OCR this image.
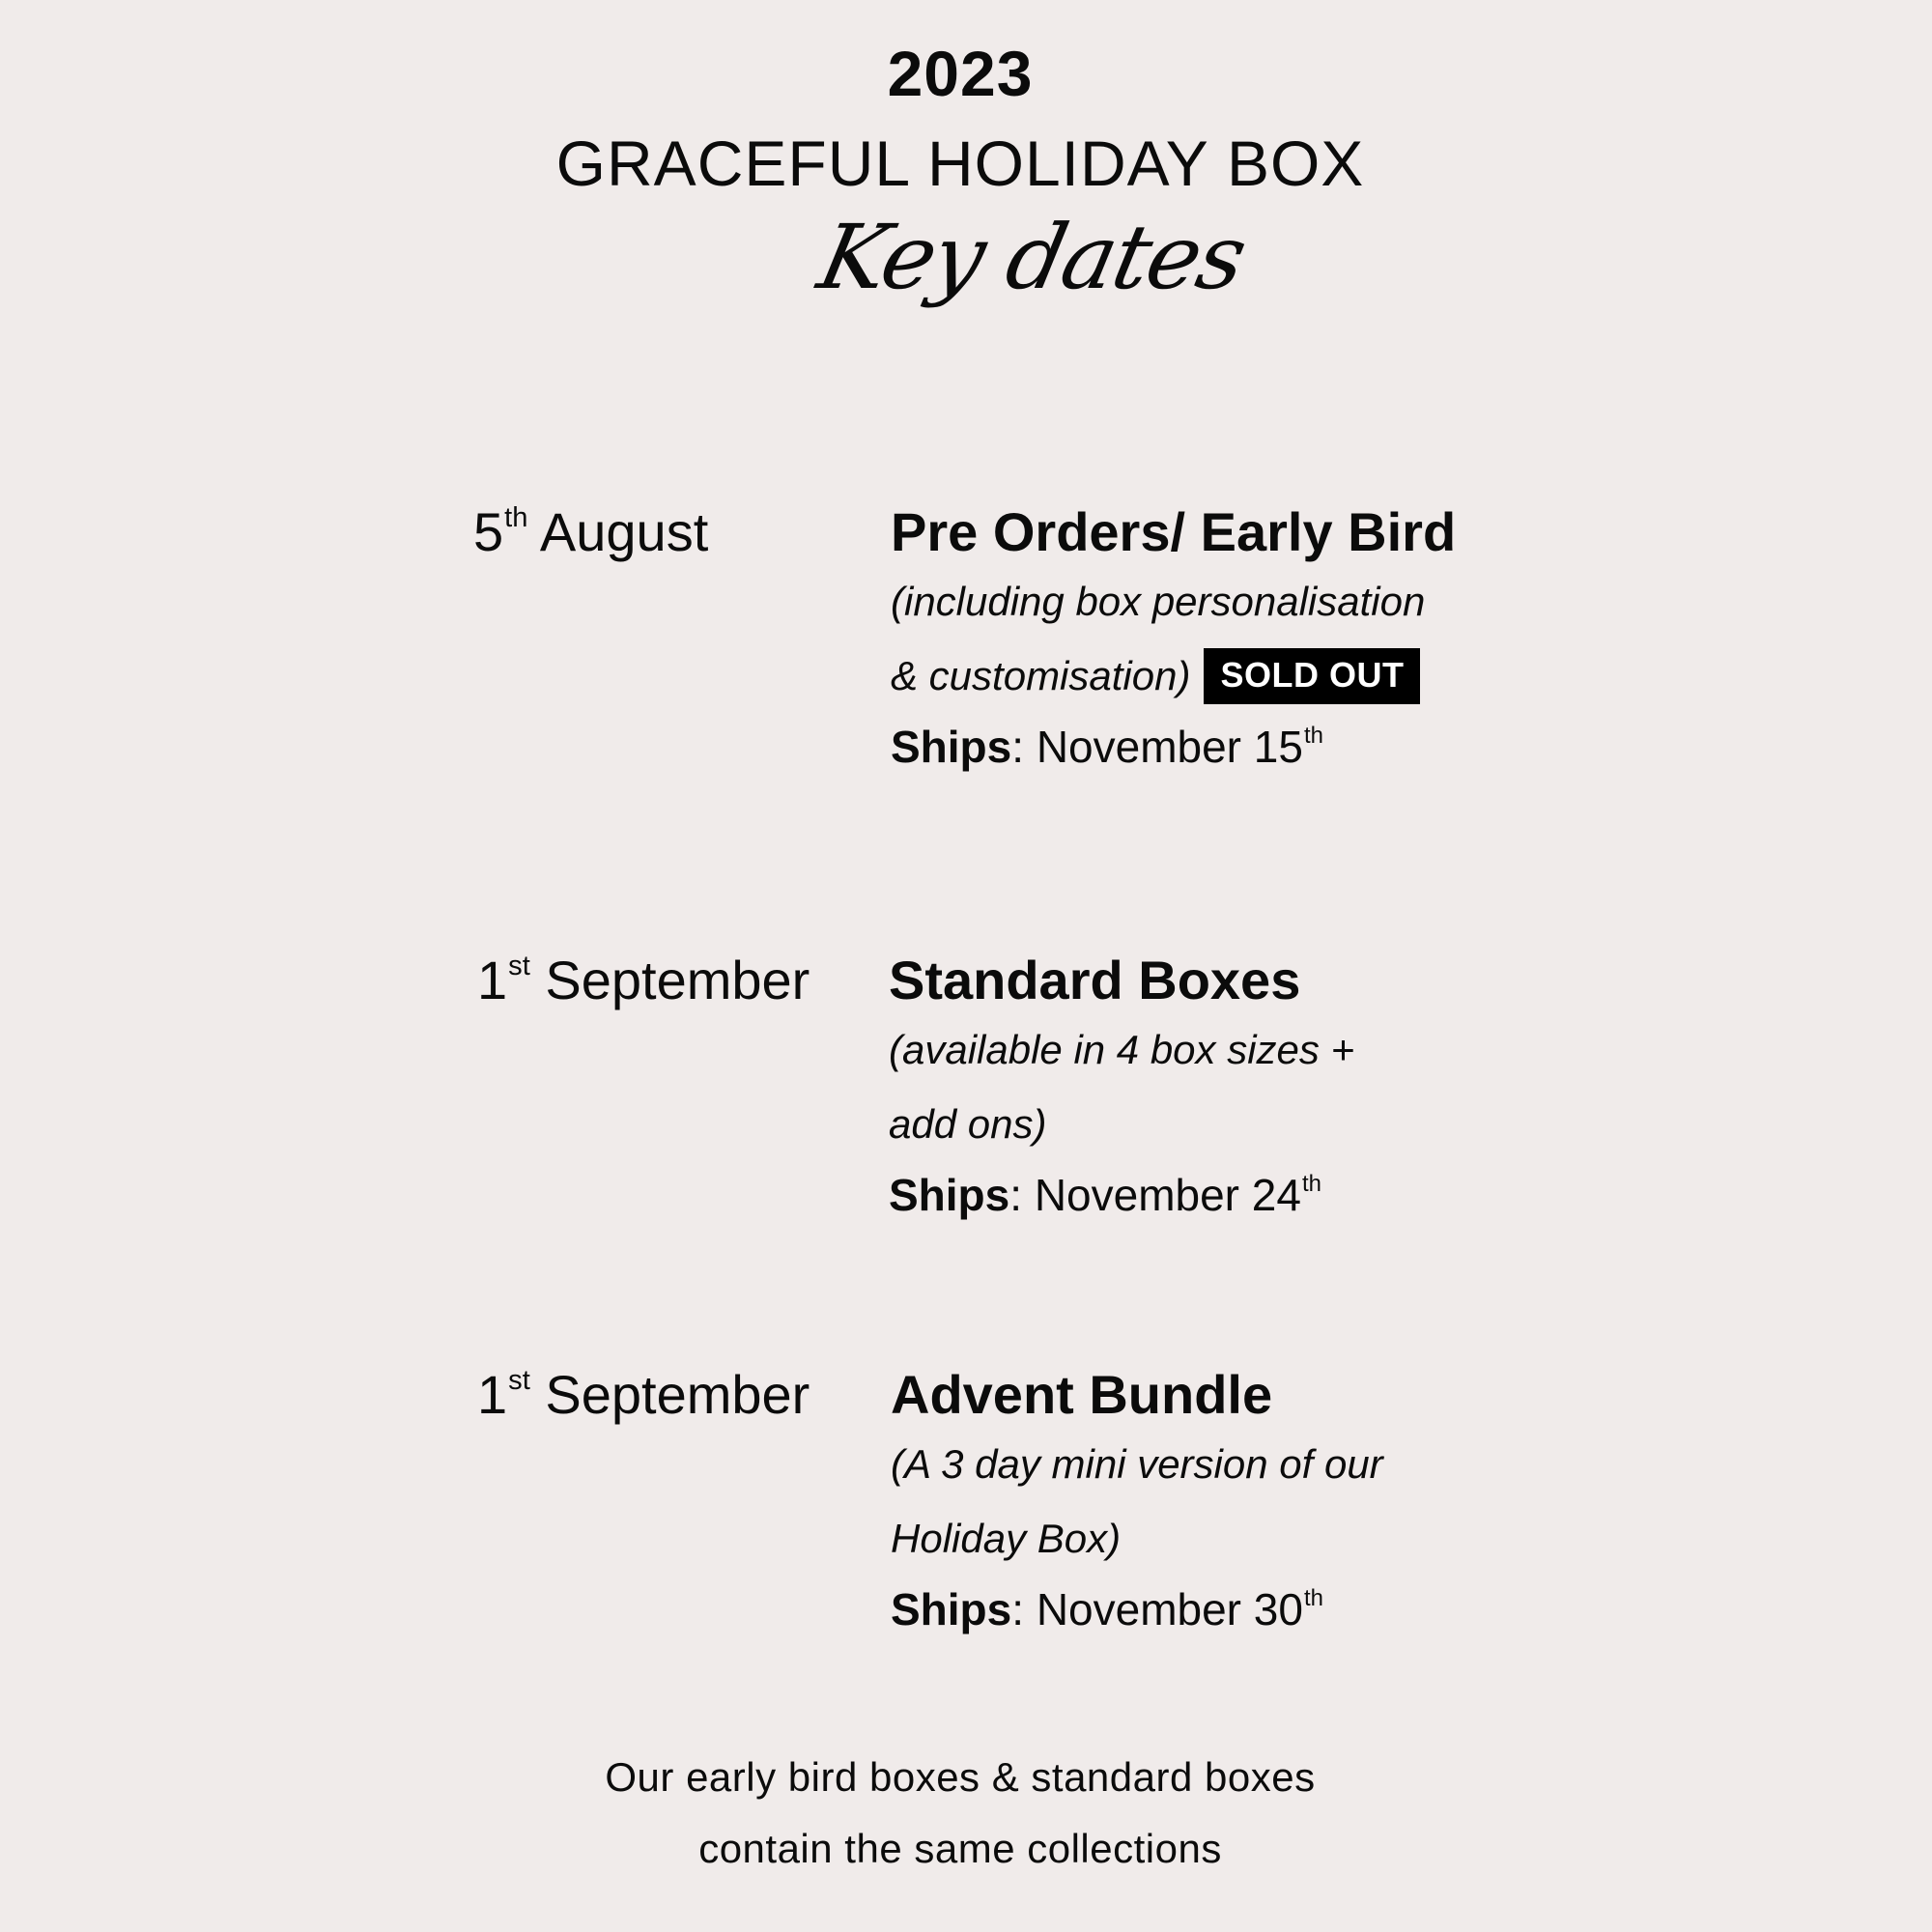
2023
GRACEFUL HOLIDAY BOX
Key dates
5th August	Pre Orders/ Early Bird
(including box personalisation
& customisation) SOLD OUT
Ships: November 15th
1st September Standard Boxes
(available in 4 box sizes +
add ons)
Ships: November 24th
1st September Advent Bundle
(A 3 day mini version of our
Holiday Box)
Ships: November 30th
Our early bird boxes & standard boxes
contain the same collections
